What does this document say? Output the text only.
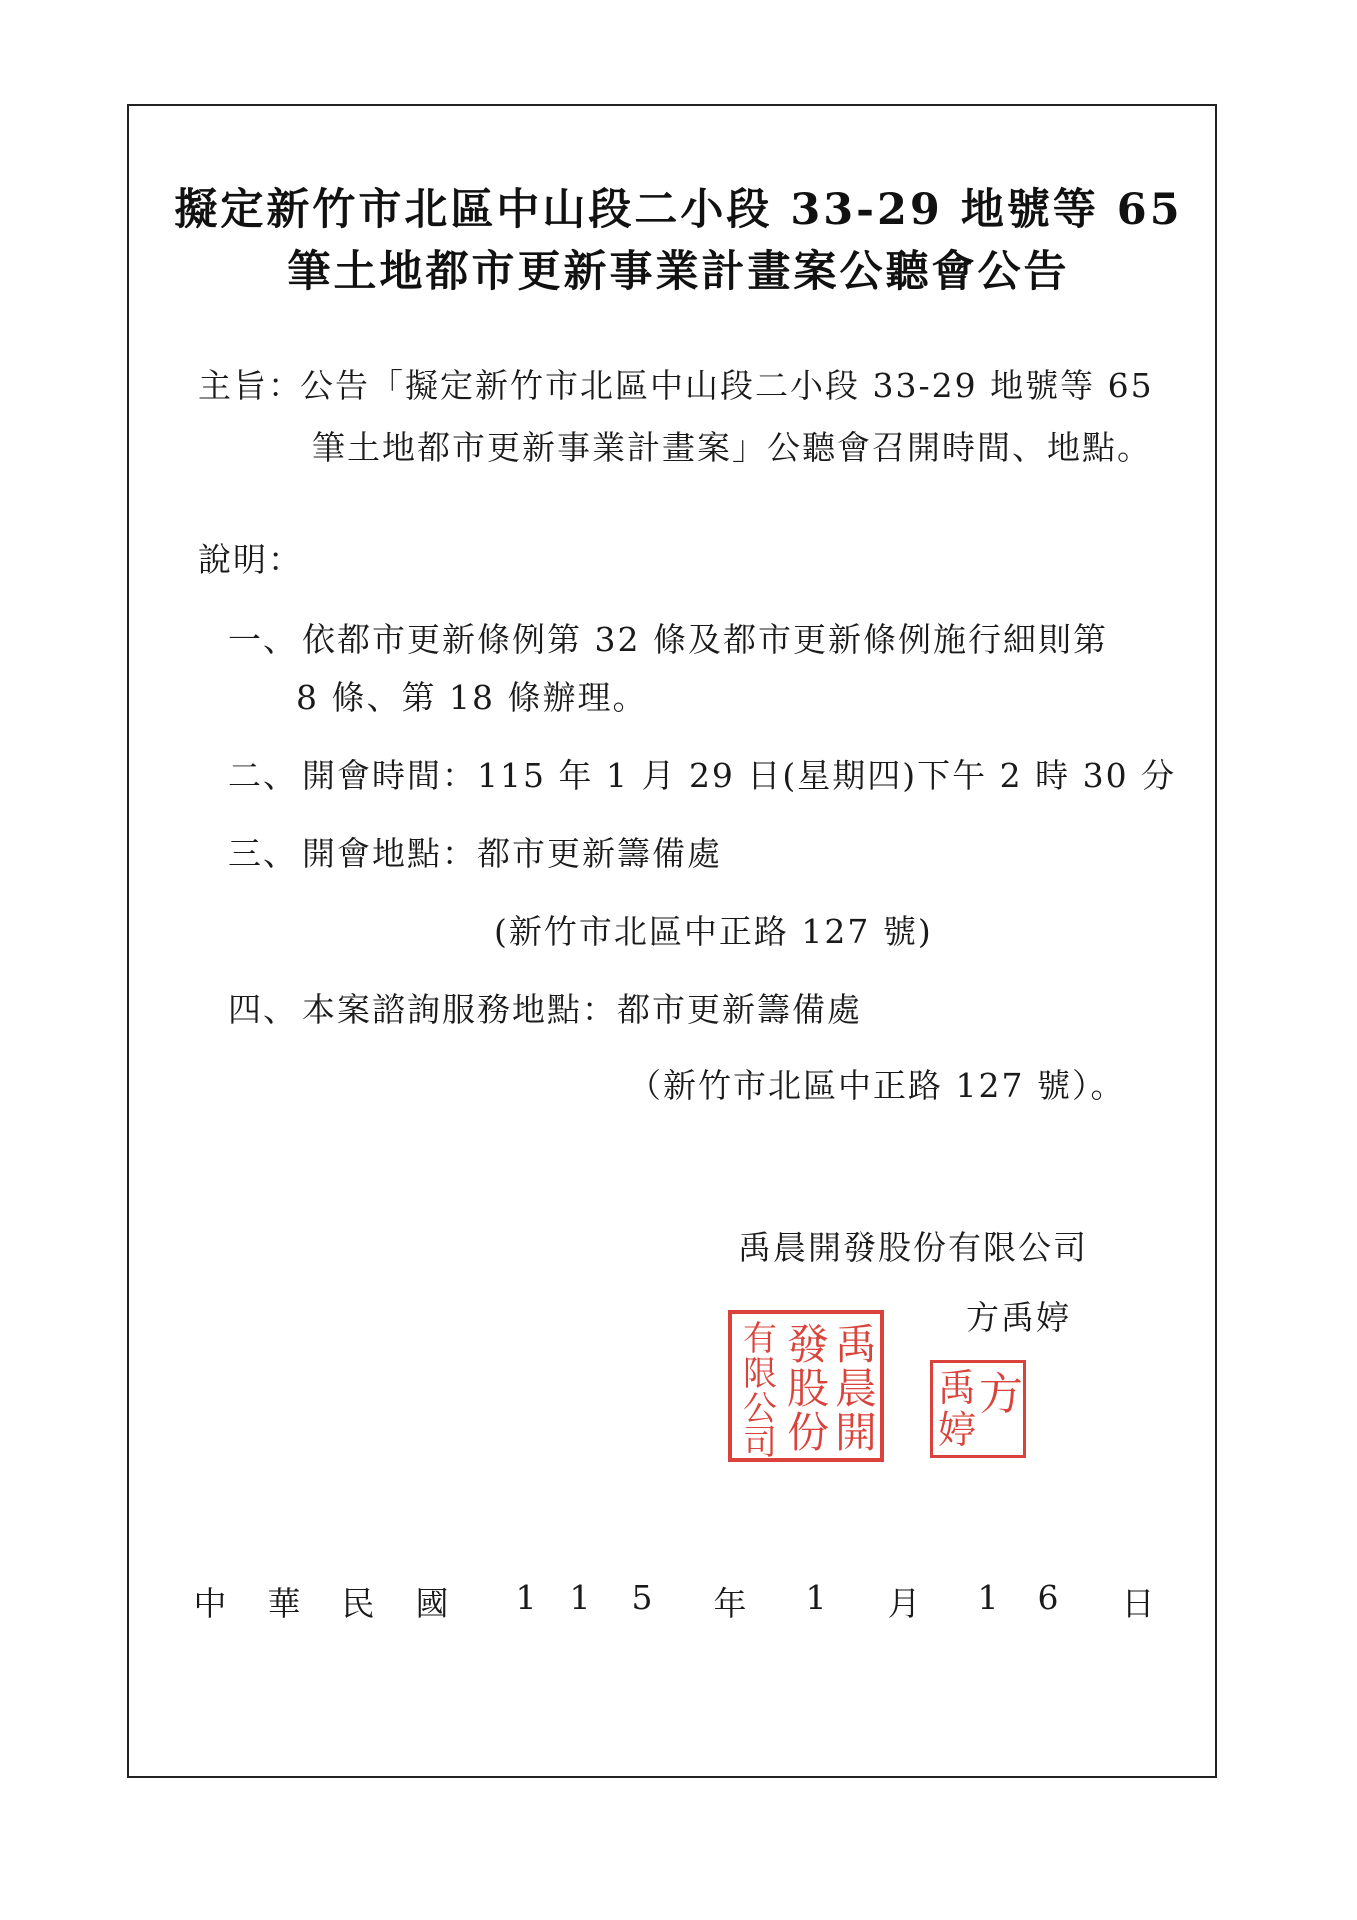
擬定新竹市北區中山段二小段 33-29 地號等 65
筆土地都市更新事業計畫案公聽會公告
主旨：
公告「擬定新竹市北區中山段二小段 33-29 地號等 65
筆土地都市更新事業計畫案」公聽會召開時間、地點。
說明：
一、 依都市更新條例第 32 條及都市更新條例施行細則第
8 條、第 18 條辦理。
二、 開會時間：115 年 1 月 29 日(星期四)下午 2 時 30 分
三、 開會地點：都市更新籌備處
(新竹市北區中正路 127 號)
四、 本案諮詢服務地點：都市更新籌備處
（新竹市北區中正路 127 號）。
禹晨開發股份有限公司
方禹婷
禹
晨
開
發
股
份
有
限
公
司
方
禹
婷
中 華 民 國 1 1 5 年 1 月 1 6 日
